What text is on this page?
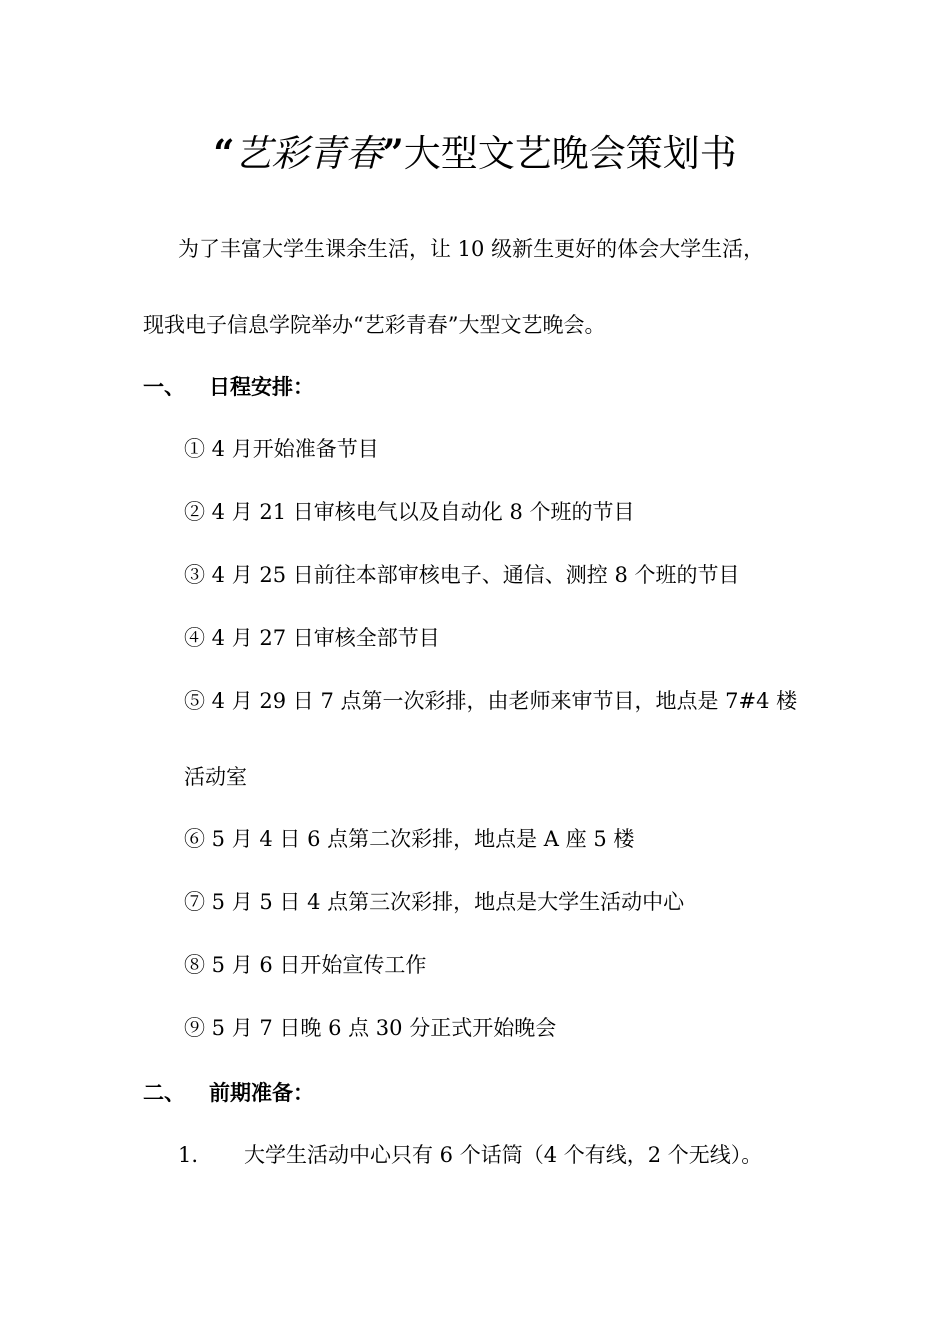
“艺彩青春”大型文艺晚会策划书
为了丰富大学生课余生活，让 10 级新生更好的体会大学生活，
现我电子信息学院举办“艺彩青春”大型文艺晚会。
一、 日程安排：
① 4 月开始准备节目
② 4 月 21 日审核电气以及自动化 8 个班的节目
③ 4 月 25 日前往本部审核电子、通信、测控 8 个班的节目
④ 4 月 27 日审核全部节目
⑤ 4 月 29 日 7 点第一次彩排，由老师来审节目，地点是 7#4 楼
活动室
⑥ 5 月 4 日 6 点第二次彩排，地点是 A 座 5 楼
⑦ 5 月 5 日 4 点第三次彩排，地点是大学生活动中心
⑧ 5 月 6 日开始宣传工作
⑨ 5 月 7 日晚 6 点 30 分正式开始晚会
二、 前期准备：
1. 大学生活动中心只有 6 个话筒（4 个有线，2 个无线）。
